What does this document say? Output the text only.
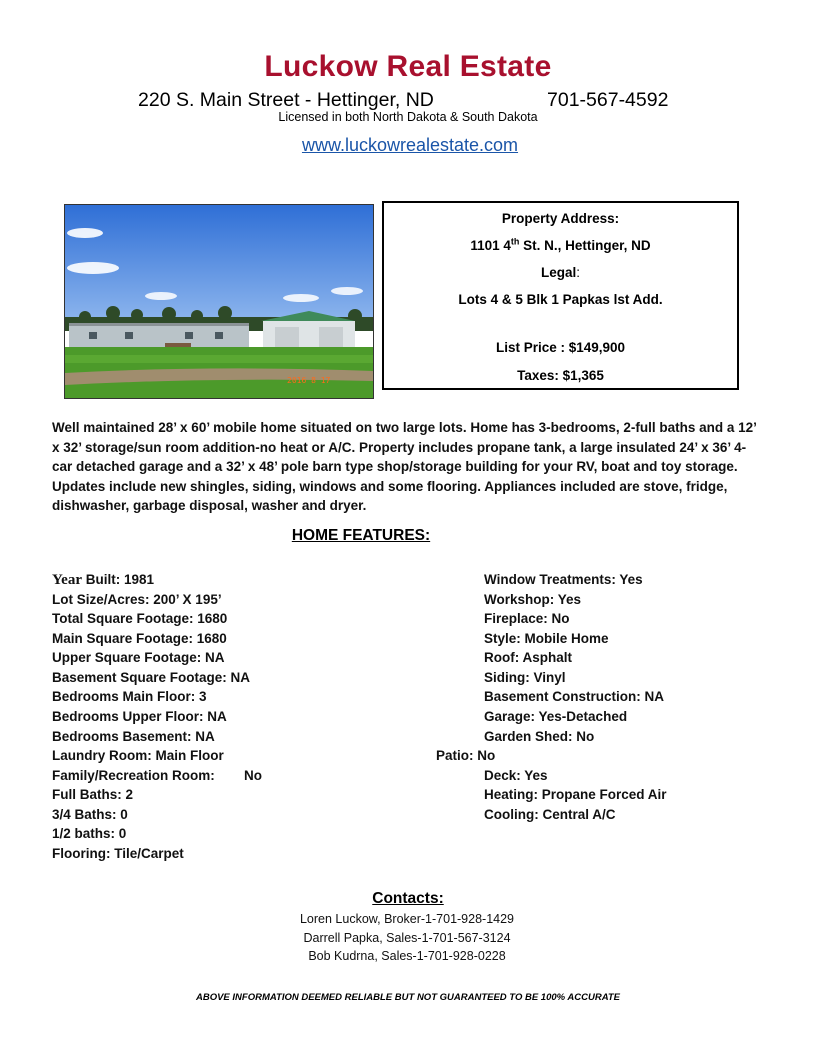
Luckow Real Estate
220 S. Main Street - Hettinger, ND	701-567-4592
Licensed in both North Dakota & South Dakota
www.luckowrealestate.com
2016 8 17
Property Address:
1101 4th St. N., Hettinger, ND
Legal:
Lots 4 & 5 Blk 1 Papkas lst Add.
List Price : $149,900
Taxes: $1,365
Well maintained 28’ x 60’ mobile home situated on two large lots. Home has 3-bedrooms, 2-full baths and a 12’ x 32’ storage/sun room addition-no heat or A/C. Property includes propane tank, a large insulated 24’ x 36’ 4- car detached garage and a 32’ x 48’ pole barn type shop/storage building for your RV, boat and toy storage. Updates include new shingles, siding, windows and some flooring. Appliances included are stove, fridge, dishwasher, garbage disposal, washer and dryer.
HOME FEATURES:
Year Built: 1981
Lot Size/Acres: 200’ X 195’
Total Square Footage: 1680
Main Square Footage: 1680
Upper Square Footage: NA
Basement Square Footage: NA
Bedrooms Main Floor: 3
Bedrooms Upper Floor: NA
Bedrooms Basement: NA
Laundry Room: Main Floor
Family/Recreation Room: No
Full Baths: 2
3/4 Baths: 0
1/2 baths: 0
Flooring: Tile/Carpet
Window Treatments: Yes
Workshop: Yes
Fireplace: No
Style: Mobile Home
Roof: Asphalt
Siding: Vinyl
Basement Construction: NA
Garage: Yes-Detached
Garden Shed: No
Patio: No
Deck: Yes
Heating: Propane Forced Air
Cooling: Central A/C
Contacts:
Loren Luckow, Broker-1-701-928-1429
Darrell Papka, Sales-1-701-567-3124
Bob Kudrna, Sales-1-701-928-0228
ABOVE INFORMATION DEEMED RELIABLE BUT NOT GUARANTEED TO BE 100% ACCURATE
